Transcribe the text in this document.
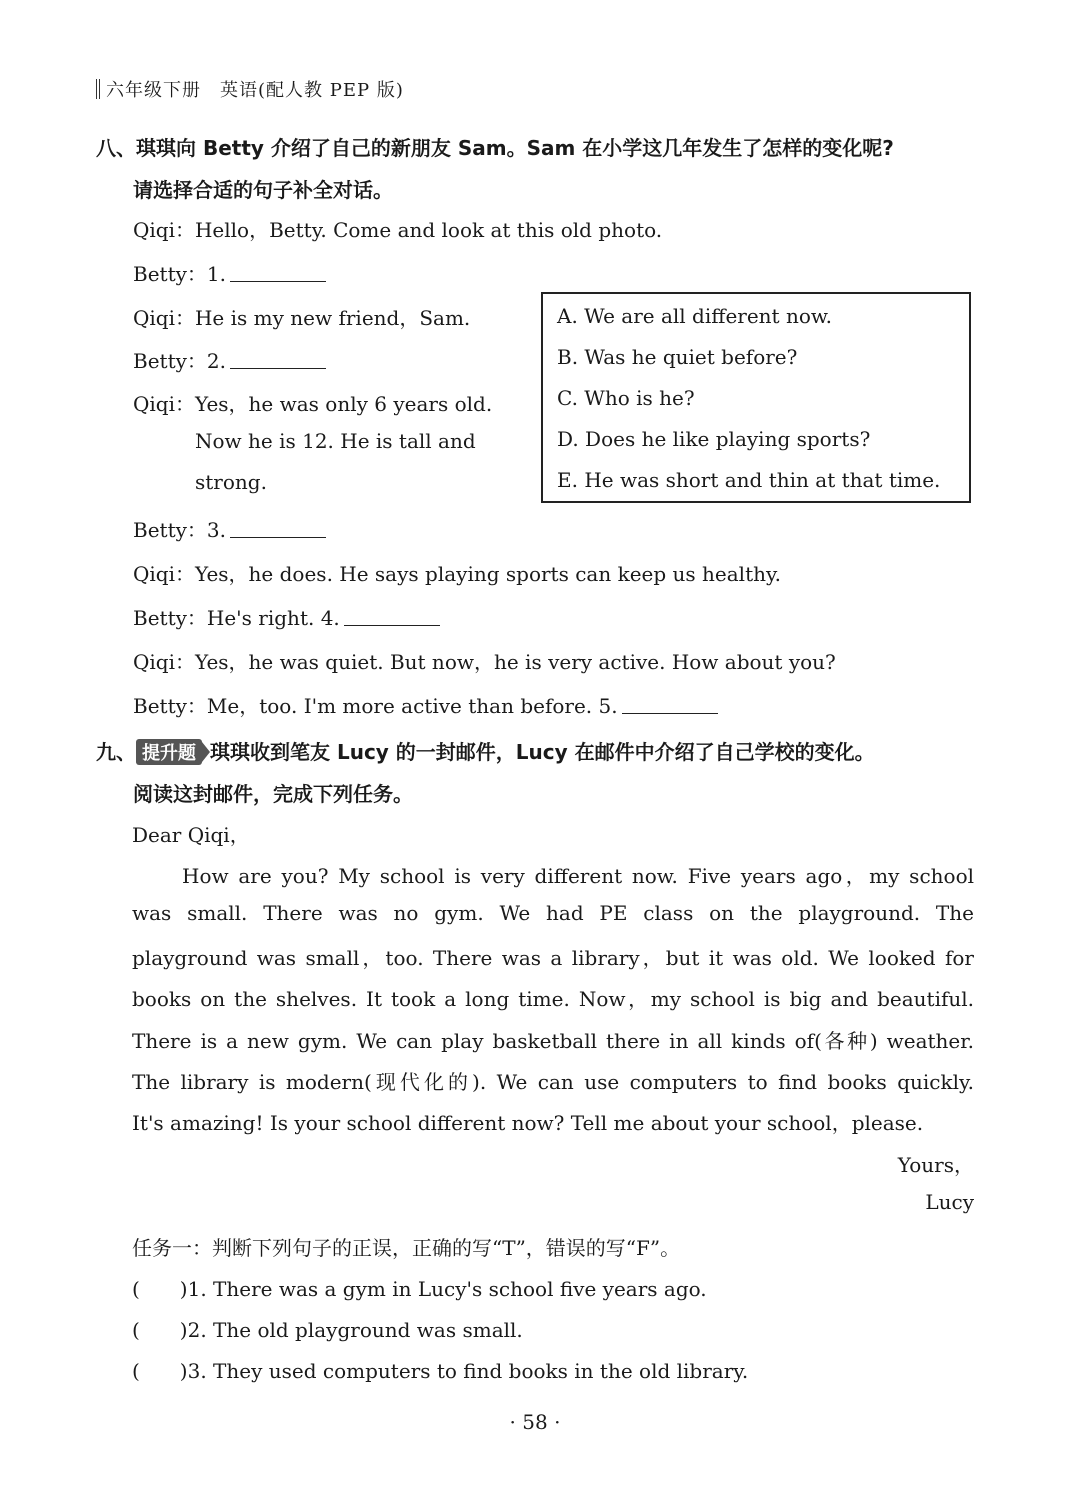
六年级下册　英语(配人教 PEP 版)
八、琪琪向 Betty 介绍了自己的新朋友 Sam。Sam 在小学这几年发生了怎样的变化呢?
请选择合适的句子补全对话。
Qiqi：Hello，Betty. Come and look at this old photo.
Betty：1.
Qiqi：He is my new friend，Sam.
Betty：2.
Qiqi：Yes，he was only 6 years old.
Now he is 12. He is tall and
strong.
Betty：3.
Qiqi：Yes，he does. He says playing sports can keep us healthy.
Betty：He's right. 4.
Qiqi：Yes，he was quiet. But now，he is very active. How about you?
Betty：Me，too. I'm more active than before. 5.
A. We are all different now.
B. Was he quiet before?
C. Who is he?
D. Does he like playing sports?
E. He was short and thin at that time.
九、 提升题 琪琪收到笔友 Lucy 的一封邮件，Lucy 在邮件中介绍了自己学校的变化。
阅读这封邮件，完成下列任务。
Dear Qiqi，
How are you? My school is very different now. Five years ago，my school
was small. There was no gym. We had PE class on the playground. The
playground was small，too. There was a library，but it was old. We looked for
books on the shelves. It took a long time. Now，my school is big and beautiful.
There is a new gym. We can play basketball there in all kinds of(各种) weather.
The library is modern(现代化的). We can use computers to find books quickly.
It's amazing! Is your school different now? Tell me about your school，please.
Yours，
Lucy
任务一：判断下列句子的正误，正确的写“T”，错误的写“F”。
(　　)1. There was a gym in Lucy's school five years ago.
(　　)2. The old playground was small.
(　　)3. They used computers to find books in the old library.
· 58 ·
